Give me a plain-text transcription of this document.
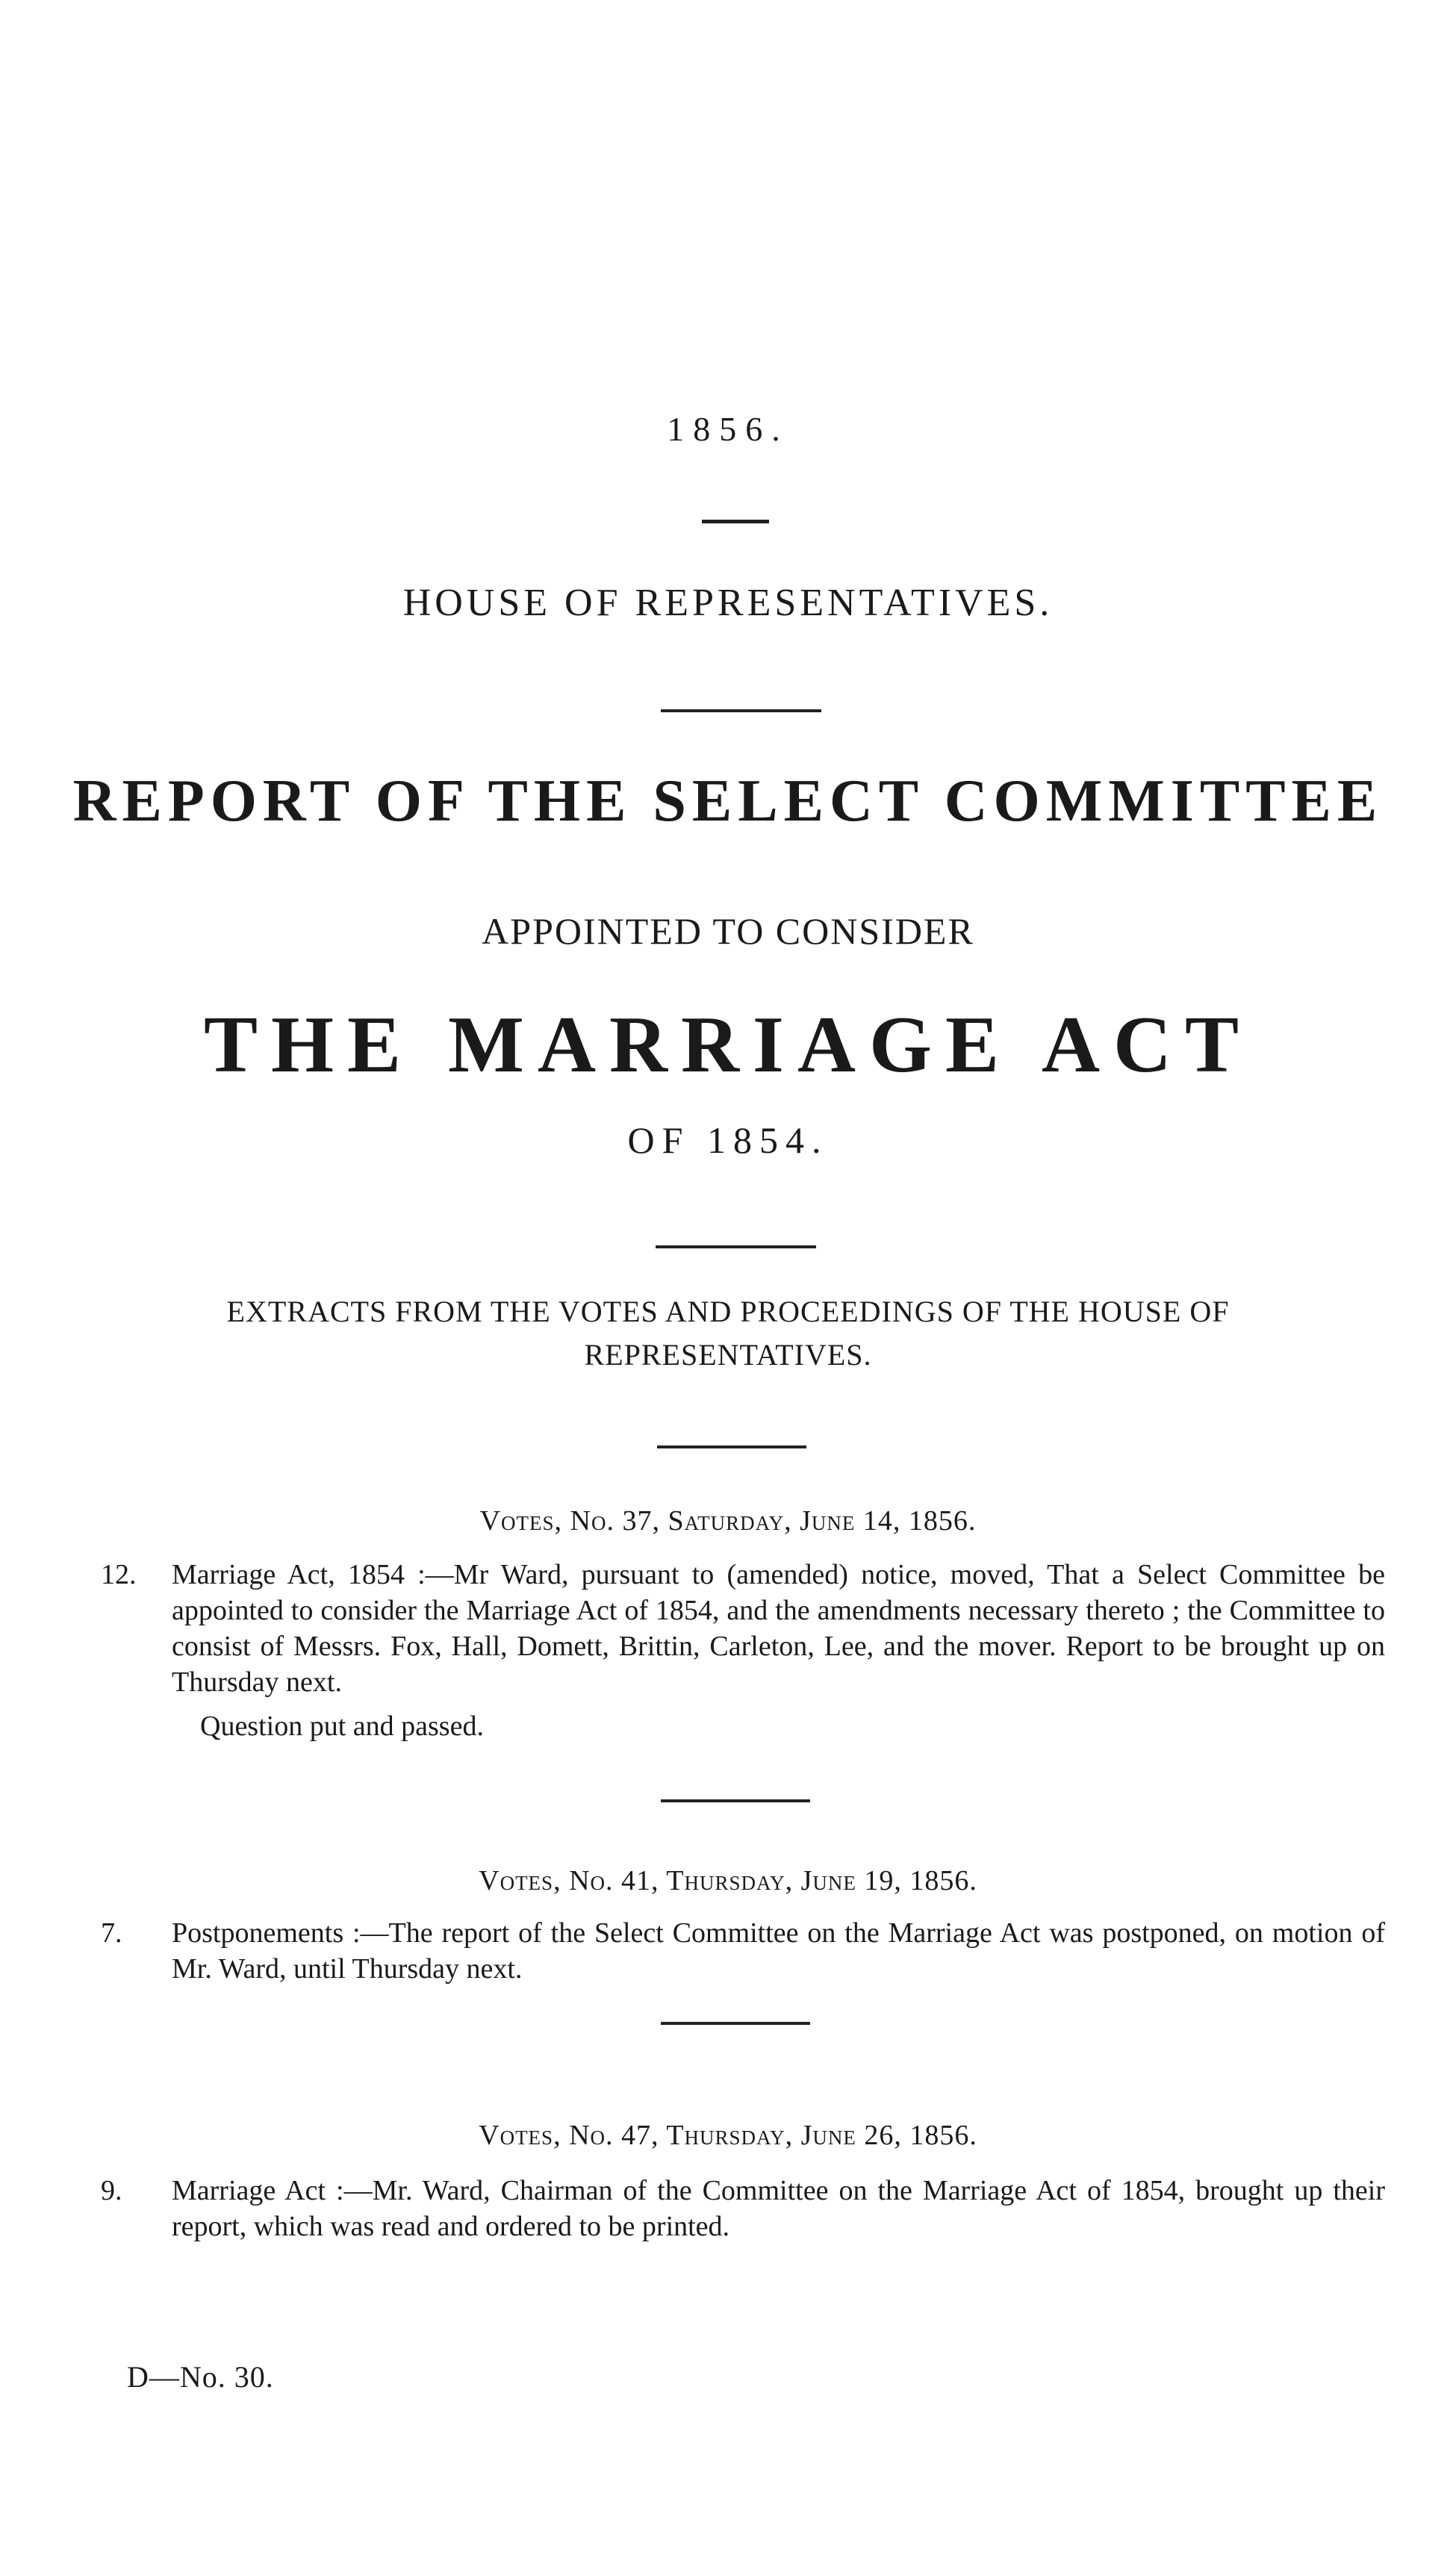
1856.
HOUSE OF REPRESENTATIVES.
REPORT OF THE SELECT COMMITTEE
APPOINTED TO CONSIDER
THE MARRIAGE ACT
OF 1854.
EXTRACTS FROM THE VOTES AND PROCEEDINGS OF THE HOUSE OF
REPRESENTATIVES.
Votes, No. 37, Saturday, June 14, 1856.
12.	Marriage Act, 1854 :—Mr Ward, pursuant to (amended) notice, moved, That a Select Committee be appointed to consider the Marriage Act of 1854, and the amendments necessary thereto ; the Committee to consist of Messrs. Fox, Hall, Domett, Brittin, Carleton, Lee, and the mover. Report to be brought up on Thursday next.
Question put and passed.
Votes, No. 41, Thursday, June 19, 1856.
7.	Postponements :—The report of the Select Committee on the Marriage Act was postponed, on motion of Mr. Ward, until Thursday next.
Votes, No. 47, Thursday, June 26, 1856.
9.	Marriage Act :—Mr. Ward, Chairman of the Committee on the Marriage Act of 1854, brought up their report, which was read and ordered to be printed.
D—No. 30.
